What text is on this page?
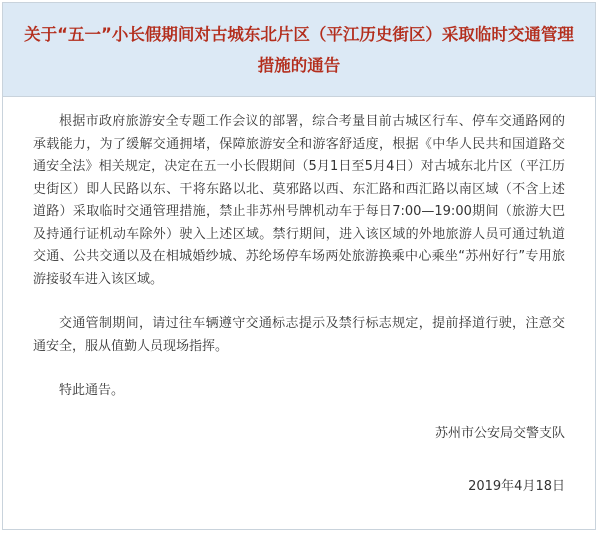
关于“五一”小长假期间对古城东北片区（平江历史街区）采取临时交通管理措施的通告

根据市政府旅游安全专题工作会议的部署，综合考量目前古城区行车、停车交通路网的承载能力，为了缓解交通拥堵，保障旅游安全和游客舒适度，根据《中华人民共和国道路交通安全法》相关规定，决定在五一小长假期间（5月1日至5月4日）对古城东北片区（平江历史街区）即人民路以东、干将东路以北、莫邪路以西、东汇路和西汇路以南区域（不含上述道路）采取临时交通管理措施，禁止非苏州号牌机动车于每日7:00—19:00期间（旅游大巴及持通行证机动车除外）驶入上述区域。禁行期间，进入该区域的外地旅游人员可通过轨道交通、公共交通以及在相城婚纱城、苏纶场停车场两处旅游换乘中心乘坐“苏州好行”专用旅游接驳车进入该区域。

交通管制期间，请过往车辆遵守交通标志提示及禁行标志规定，提前择道行驶，注意交通安全，服从值勤人员现场指挥。

特此通告。

苏州市公安局交警支队

2019年4月18日
